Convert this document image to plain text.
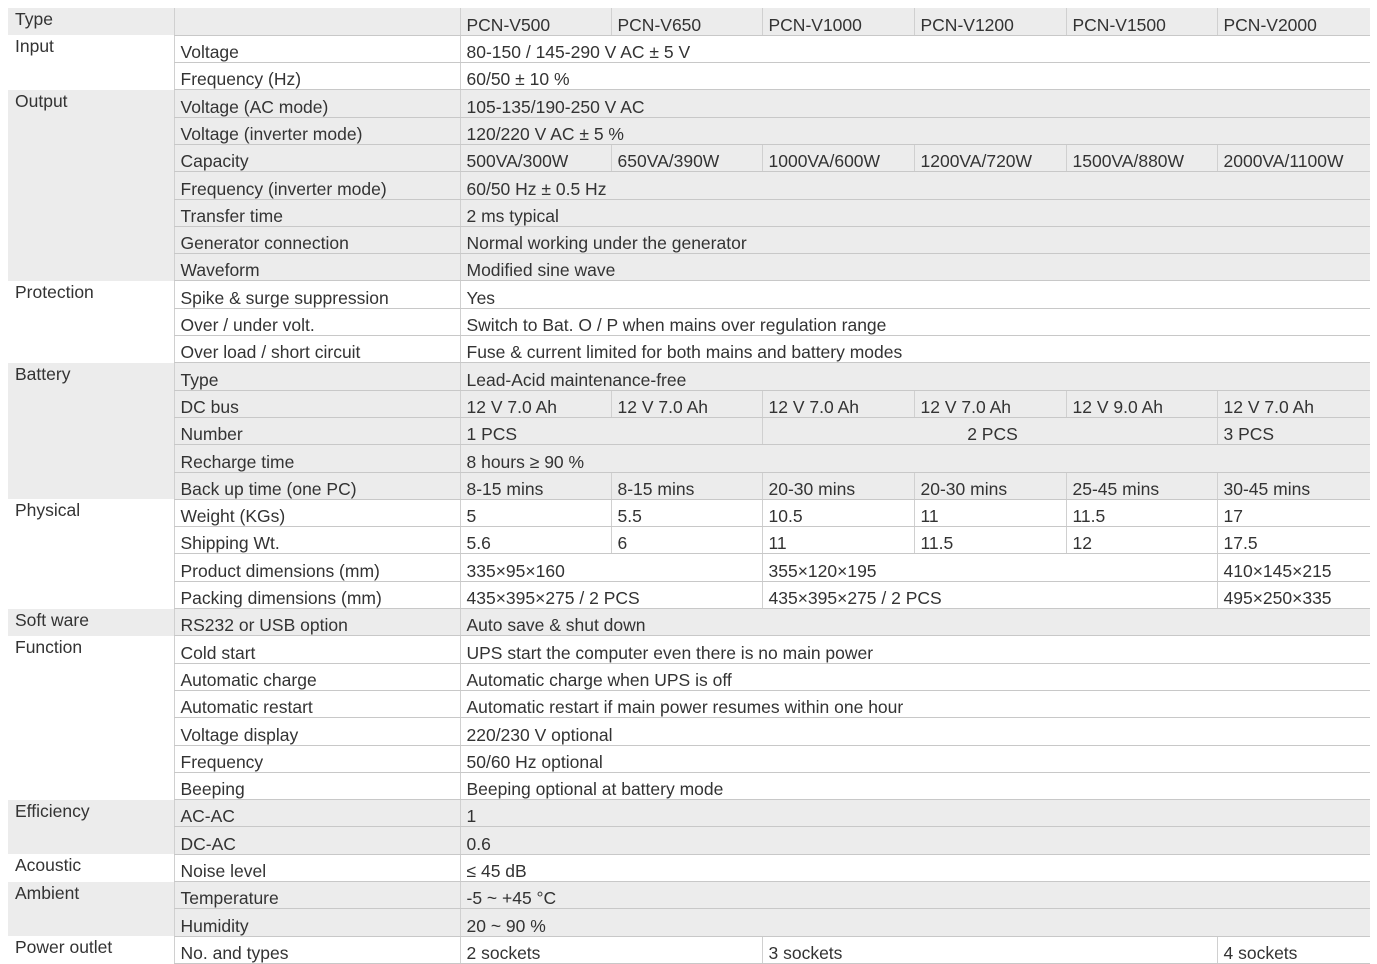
Type		PCN-V500	PCN-V650	PCN-V1000	PCN-V1200	PCN-V1500	PCN-V2000
Input	Voltage	80-150 / 145-290 V AC ± 5 V					
	Frequency (Hz)	60/50 ± 10 %					
Output	Voltage (AC mode)	105-135/190-250 V AC					
	Voltage (inverter mode)	120/220 V AC ± 5 %					
	Capacity	500VA/300W	650VA/390W	1000VA/600W	1200VA/720W	1500VA/880W	2000VA/1100W
	Frequency (inverter mode)	60/50 Hz ± 0.5 Hz					
	Transfer time	2 ms typical					
	Generator connection	Normal working under the generator					
	Waveform	Modified sine wave					
Protection	Spike & surge suppression	Yes					
	Over / under volt.	Switch to Bat. O / P when mains over regulation range					
	Over load / short circuit	Fuse & current limited for both mains and battery modes					
Battery	Type	Lead-Acid maintenance-free					
	DC bus	12 V 7.0 Ah	12 V 7.0 Ah	12 V 7.0 Ah	12 V 7.0 Ah	12 V 9.0 Ah	12 V 7.0 Ah
	Number	1 PCS		2 PCS			3 PCS
	Recharge time	8 hours ≥ 90 %					
	Back up time (one PC)	8-15 mins	8-15 mins	20-30 mins	20-30 mins	25-45 mins	30-45 mins
Physical	Weight (KGs)	5	5.5	10.5	11	11.5	17
	Shipping Wt.	5.6	6	11	11.5	12	17.5
	Product dimensions (mm)	335×95×160		355×120×195			410×145×215
	Packing dimensions (mm)	435×395×275 / 2 PCS		435×395×275 / 2 PCS			495×250×335
Soft ware	RS232 or USB option	Auto save & shut down					
Function	Cold start	UPS start the computer even there is no main power					
	Automatic charge	Automatic charge when UPS is off					
	Automatic restart	Automatic restart if main power resumes within one hour					
	Voltage display	220/230 V optional					
	Frequency	50/60 Hz optional					
	Beeping	Beeping optional at battery mode					
Efficiency	AC-AC	1					
	DC-AC	0.6					
Acoustic	Noise level	≤ 45 dB					
Ambient	Temperature	-5 ~ +45 °C					
	Humidity	20 ~ 90 %					
Power outlet	No. and types	2 sockets		3 sockets			4 sockets
